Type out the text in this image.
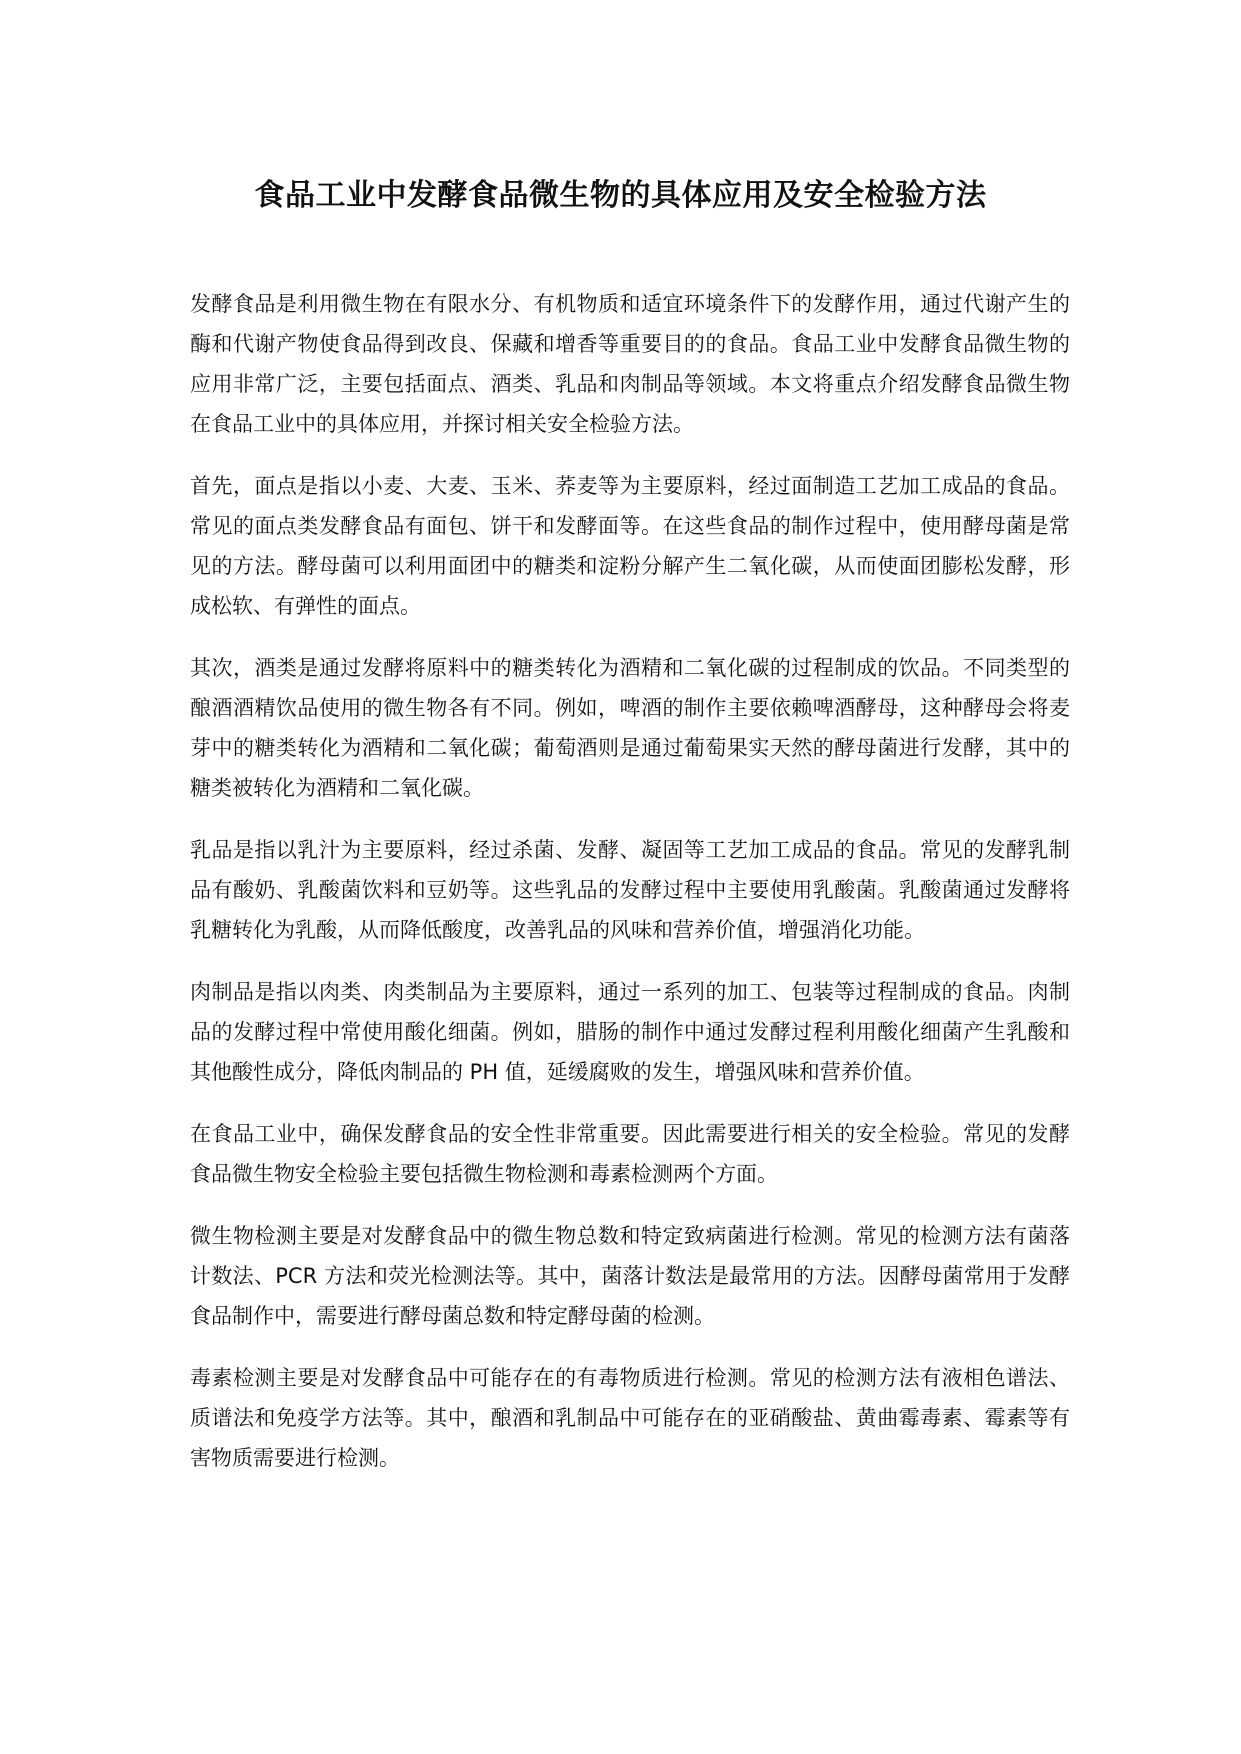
食品工业中发酵食品微生物的具体应用及安全检验方法

发酵食品是利用微生物在有限水分、有机物质和适宜环境条件下的发酵作用，通过代谢产生的酶和代谢产物使食品得到改良、保藏和增香等重要目的的食品。食品工业中发酵食品微生物的应用非常广泛，主要包括面点、酒类、乳品和肉制品等领域。本文将重点介绍发酵食品微生物在食品工业中的具体应用，并探讨相关安全检验方法。

首先，面点是指以小麦、大麦、玉米、荞麦等为主要原料，经过面制造工艺加工成品的食品。常见的面点类发酵食品有面包、饼干和发酵面等。在这些食品的制作过程中，使用酵母菌是常见的方法。酵母菌可以利用面团中的糖类和淀粉分解产生二氧化碳，从而使面团膨松发酵，形成松软、有弹性的面点。

其次，酒类是通过发酵将原料中的糖类转化为酒精和二氧化碳的过程制成的饮品。不同类型的酿酒酒精饮品使用的微生物各有不同。例如，啤酒的制作主要依赖啤酒酵母，这种酵母会将麦芽中的糖类转化为酒精和二氧化碳；葡萄酒则是通过葡萄果实天然的酵母菌进行发酵，其中的糖类被转化为酒精和二氧化碳。

乳品是指以乳汁为主要原料，经过杀菌、发酵、凝固等工艺加工成品的食品。常见的发酵乳制品有酸奶、乳酸菌饮料和豆奶等。这些乳品的发酵过程中主要使用乳酸菌。乳酸菌通过发酵将乳糖转化为乳酸，从而降低酸度，改善乳品的风味和营养价值，增强消化功能。

肉制品是指以肉类、肉类制品为主要原料，通过一系列的加工、包装等过程制成的食品。肉制品的发酵过程中常使用酸化细菌。例如，腊肠的制作中通过发酵过程利用酸化细菌产生乳酸和其他酸性成分，降低肉制品的 PH 值，延缓腐败的发生，增强风味和营养价值。

在食品工业中，确保发酵食品的安全性非常重要。因此需要进行相关的安全检验。常见的发酵食品微生物安全检验主要包括微生物检测和毒素检测两个方面。

微生物检测主要是对发酵食品中的微生物总数和特定致病菌进行检测。常见的检测方法有菌落计数法、PCR 方法和荧光检测法等。其中，菌落计数法是最常用的方法。因酵母菌常用于发酵食品制作中，需要进行酵母菌总数和特定酵母菌的检测。

毒素检测主要是对发酵食品中可能存在的有毒物质进行检测。常见的检测方法有液相色谱法、质谱法和免疫学方法等。其中，酿酒和乳制品中可能存在的亚硝酸盐、黄曲霉毒素、霉素等有害物质需要进行检测。
